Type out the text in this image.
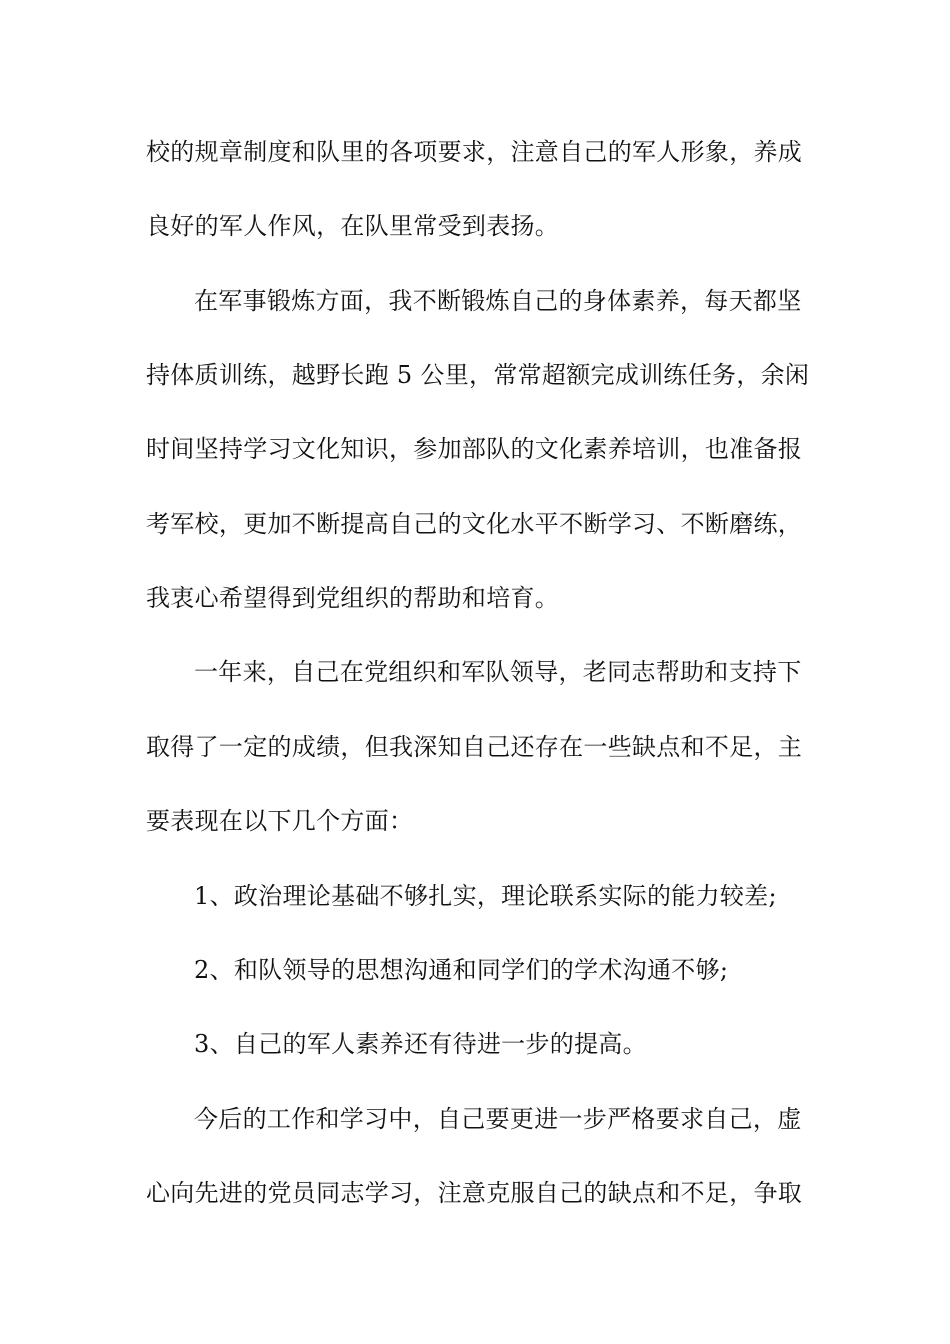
校的规章制度和队里的各项要求，注意自己的军人形象，养成
良好的军人作风，在队里常受到表扬。
在军事锻炼方面，我不断锻炼自己的身体素养，每天都坚
持体质训练，越野长跑 5 公里，常常超额完成训练任务，余闲
时间坚持学习文化知识，参加部队的文化素养培训，也准备报
考军校，更加不断提高自己的文化水平不断学习、不断磨练，
我衷心希望得到党组织的帮助和培育。
一年来，自己在党组织和军队领导，老同志帮助和支持下
取得了一定的成绩，但我深知自己还存在一些缺点和不足，主
要表现在以下几个方面：
1、政治理论基础不够扎实，理论联系实际的能力较差;
2、和队领导的思想沟通和同学们的学术沟通不够;
3、自己的军人素养还有待进一步的提高。
今后的工作和学习中，自己要更进一步严格要求自己，虚
心向先进的党员同志学习，注意克服自己的缺点和不足，争取
